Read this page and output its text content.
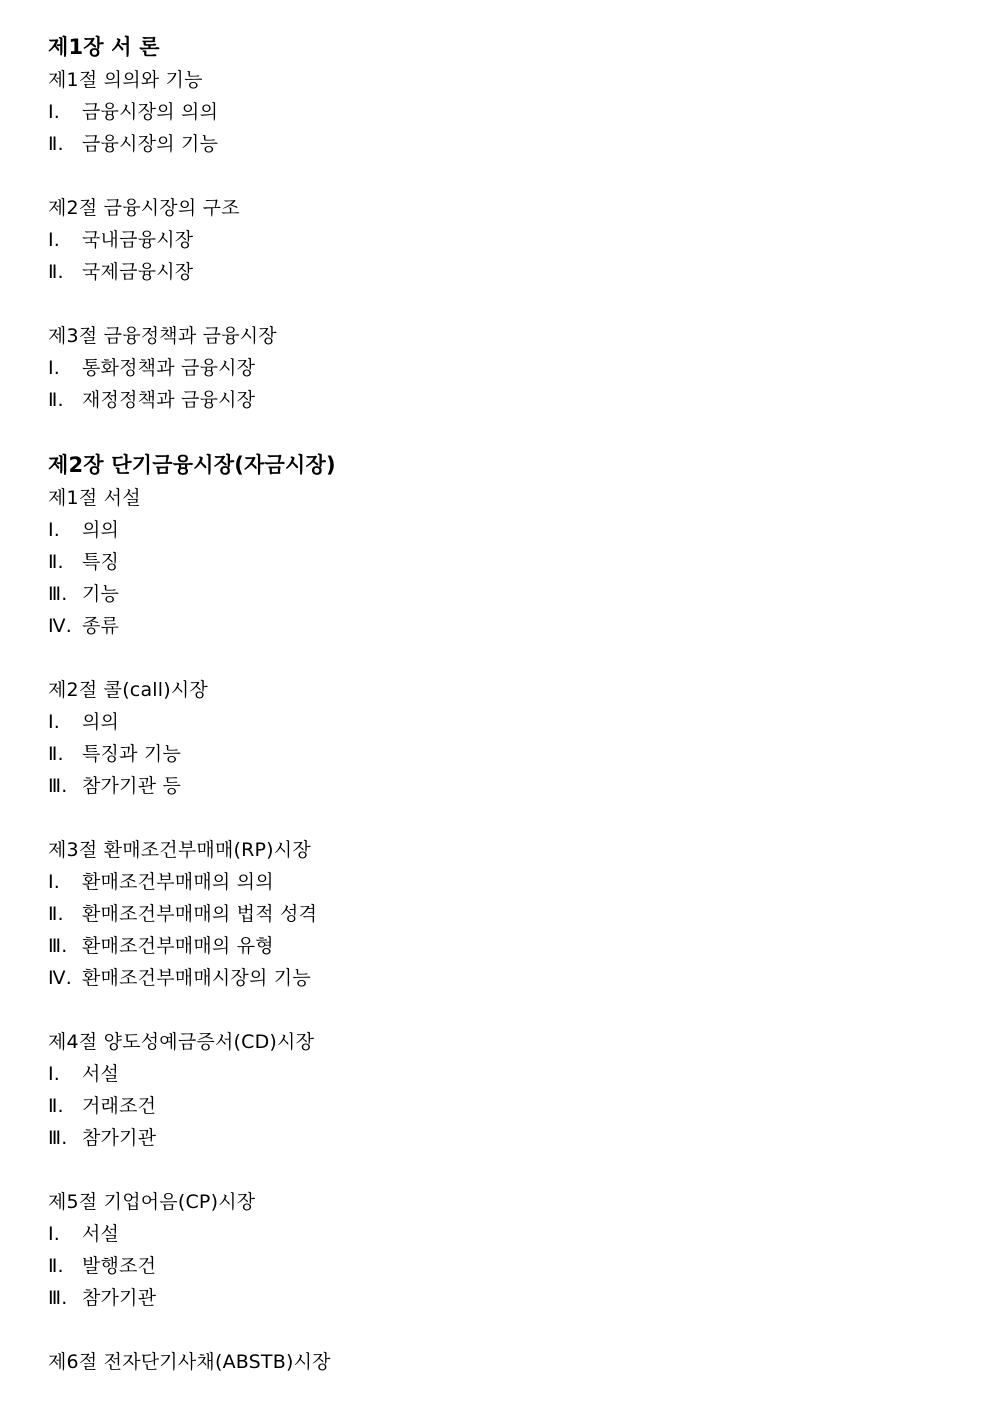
제1장 서 론
제1절 의의와 기능
Ⅰ. 금융시장의 의의
Ⅱ. 금융시장의 기능
제2절 금융시장의 구조
Ⅰ. 국내금융시장
Ⅱ. 국제금융시장
제3절 금융정책과 금융시장
Ⅰ. 통화정책과 금융시장
Ⅱ. 재정정책과 금융시장
제2장 단기금융시장(자금시장)
제1절 서설
Ⅰ. 의의
Ⅱ. 특징
Ⅲ. 기능
Ⅳ. 종류
제2절 콜(call)시장
Ⅰ. 의의
Ⅱ. 특징과 기능
Ⅲ. 참가기관 등
제3절 환매조건부매매(RP)시장
Ⅰ. 환매조건부매매의 의의
Ⅱ. 환매조건부매매의 법적 성격
Ⅲ. 환매조건부매매의 유형
Ⅳ. 환매조건부매매시장의 기능
제4절 양도성예금증서(CD)시장
Ⅰ. 서설
Ⅱ. 거래조건
Ⅲ. 참가기관
제5절 기업어음(CP)시장
Ⅰ. 서설
Ⅱ. 발행조건
Ⅲ. 참가기관
제6절 전자단기사채(ABSTB)시장
